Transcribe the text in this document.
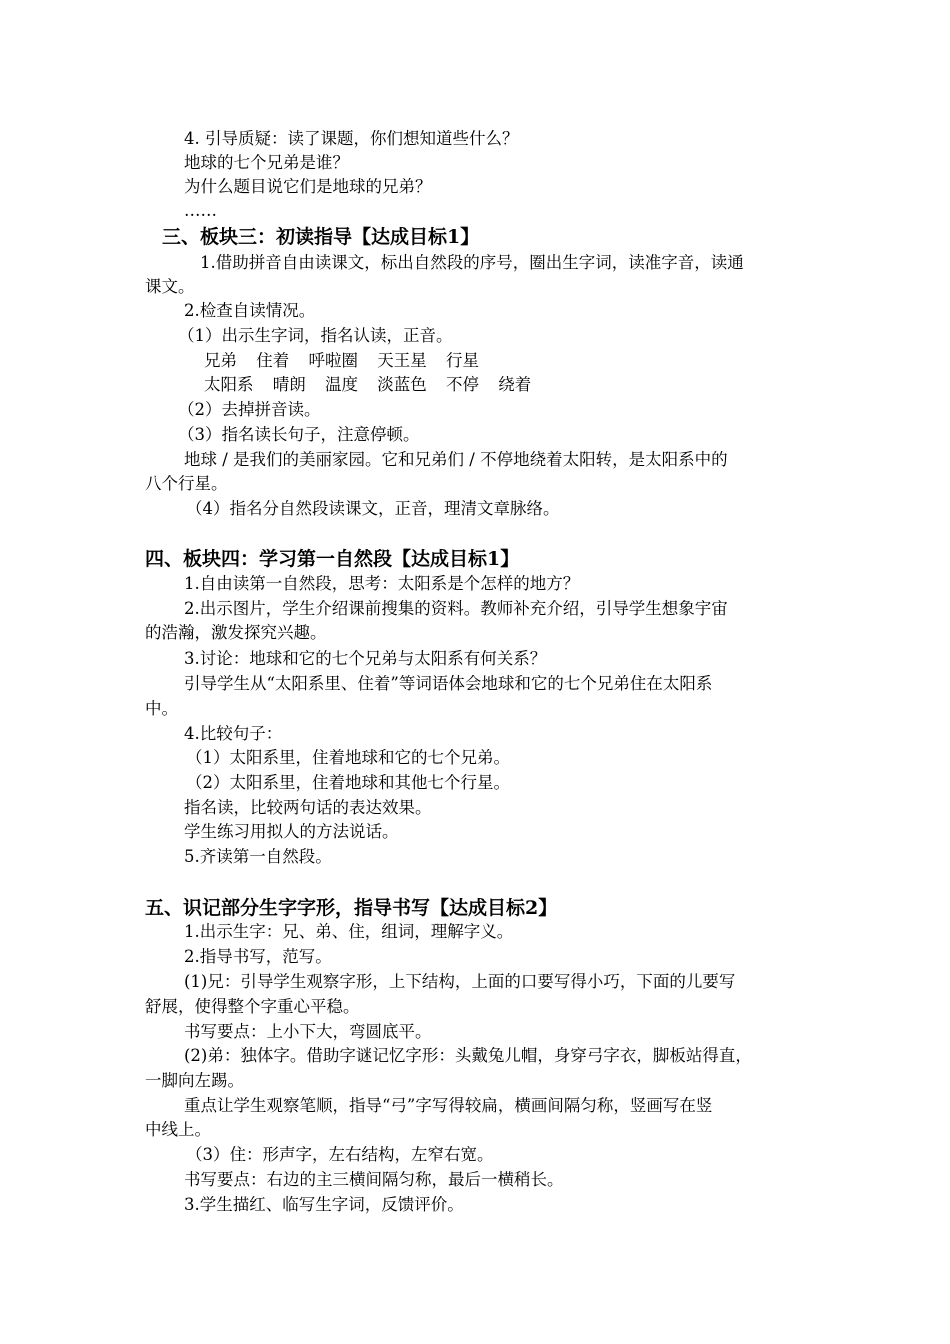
4. 引导质疑：读了课题，你们想知道些什么？
地球的七个兄弟是谁？
为什么题目说它们是地球的兄弟？
……
三、板块三：初读指导【达成目标1】
1.借助拼音自由读课文，标出自然段的序号，圈出生字词，读准字音，读通
课文。
2.检查自读情况。
（1）出示生字词，指名认读，正音。
兄弟 住着 呼啦圈 天王星 行星
太阳系 晴朗 温度 淡蓝色 不停 绕着
（2）去掉拼音读。
（3）指名读长句子，注意停顿。
地球 / 是我们的美丽家园。它和兄弟们 / 不停地绕着太阳转，是太阳系中的
八个行星。
（4）指名分自然段读课文，正音，理清文章脉络。
四、板块四：学习第一自然段【达成目标1】
1.自由读第一自然段，思考：太阳系是个怎样的地方？
2.出示图片，学生介绍课前搜集的资料。教师补充介绍，引导学生想象宇宙
的浩瀚，激发探究兴趣。
3.讨论：地球和它的七个兄弟与太阳系有何关系？
引导学生从“太阳系里、住着”等词语体会地球和它的七个兄弟住在太阳系
中。
4.比较句子：
（1）太阳系里，住着地球和它的七个兄弟。
（2）太阳系里，住着地球和其他七个行星。
指名读，比较两句话的表达效果。
学生练习用拟人的方法说话。
5.齐读第一自然段。
五、识记部分生字字形，指导书写【达成目标2】
1.出示生字：兄、弟、住，组词，理解字义。
2.指导书写，范写。
(1)兄：引导学生观察字形，上下结构，上面的口要写得小巧，下面的儿要写
舒展，使得整个字重心平稳。
书写要点：上小下大，弯圆底平。
(2)弟：独体字。借助字谜记忆字形：头戴兔儿帽，身穿弓字衣，脚板站得直，
一脚向左踢。
重点让学生观察笔顺，指导“弓”字写得较扁，横画间隔匀称，竖画写在竖
中线上。
（3）住：形声字，左右结构，左窄右宽。
书写要点：右边的主三横间隔匀称，最后一横稍长。
3.学生描红、临写生字词，反馈评价。
